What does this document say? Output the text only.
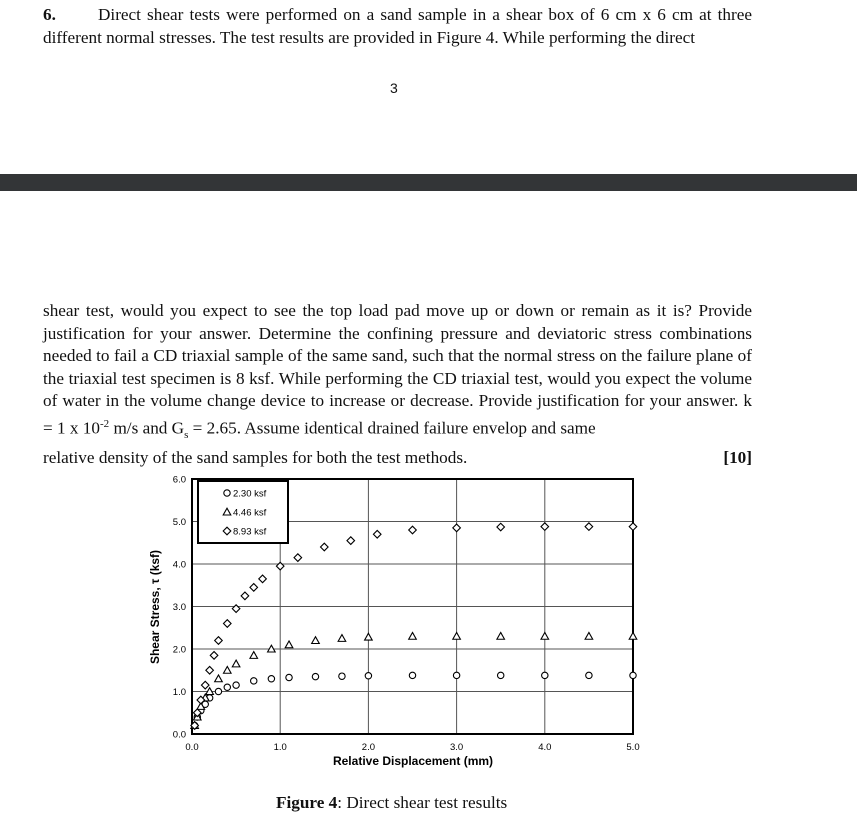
6. Direct shear tests were performed on a sand sample in a shear box of 6 cm x 6 cm at three different normal stresses. The test results are provided in Figure 4. While performing the direct
3
shear test, would you expect to see the top load pad move up or down or remain as it is? Provide justification for your answer. Determine the confining pressure and deviatoric stress combinations needed to fail a CD triaxial sample of the same sand, such that the normal stress on the failure plane of the triaxial test specimen is 8 ksf. While performing the CD triaxial test, would you expect the volume of water in the volume change device to increase or decrease. Provide justification for your answer. k = 1 x $10^{-2}$ m/s and $G_s = 2.65$. Assume identical drained failure envelop and same
relative density of the sand samples for both the test methods.	[10]
0.0	1.0	2.0	3.0	4.0	5.0
0.0
1.0
2.0
3.0
4.0
5.0
6.0
2.30 ksf
4.46 ksf
8.93 ksf
Relative Displacement (mm)
Shear Stress, τ (ksf)
Figure 4: Direct shear test results
